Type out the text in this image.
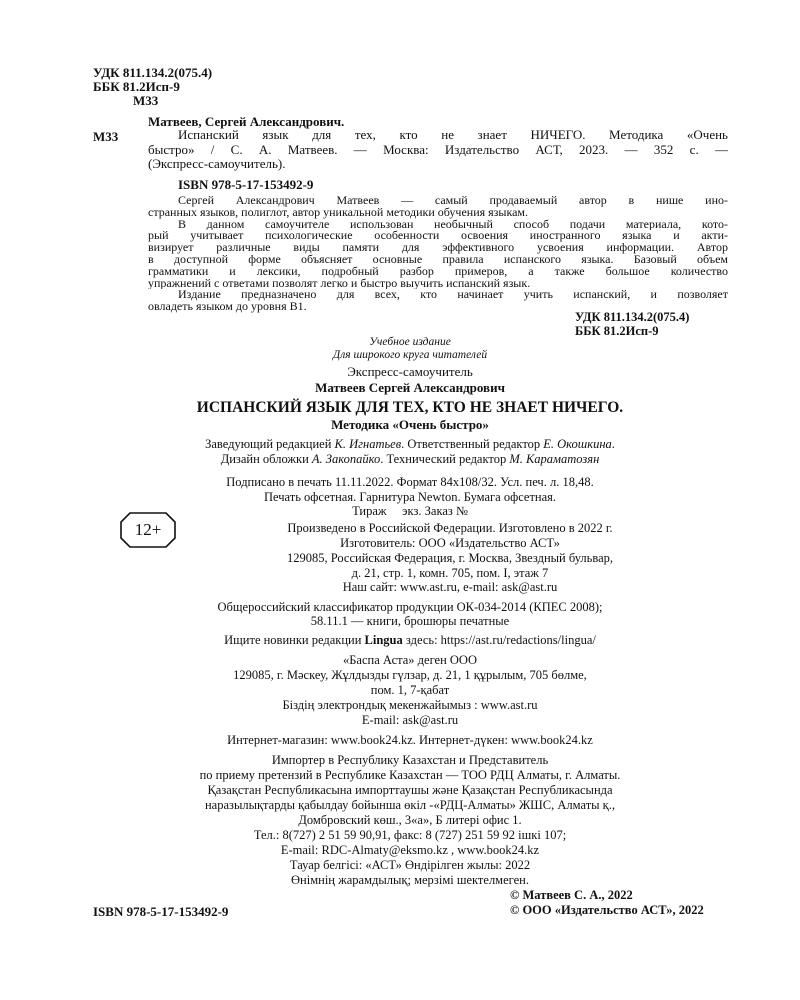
УДК 811.134.2(075.4)
ББК 81.2Исп-9
М33
М33
Матвеев, Сергей Александрович.
Испанский язык для тех, кто не знает НИЧЕГО. Методика «Очень
быстро» / С. А. Матвеев. — Москва: Издательство АСТ, 2023. — 352 с. —
(Экспресс-самоучитель).
ISBN 978-5-17-153492-9
Сергей Александрович Матвеев — самый продаваемый автор в нише ино-
странных языков, полиглот, автор уникальной методики обучения языкам.
В данном самоучителе использован необычный способ подачи материала, кото-
рый учитывает психологические особенности освоения иностранного языка и акти-
визирует различные виды памяти для эффективного усвоения информации. Автор
в доступной форме объясняет основные правила испанского языка. Базовый объем
грамматики и лексики, подробный разбор примеров, а также большое количество
упражнений с ответами позволят легко и быстро выучить испанский язык.
Издание предназначено для всех, кто начинает учить испанский, и позволяет
овладеть языком до уровня В1.
УДК 811.134.2(075.4)
ББК 81.2Исп-9
Учебное издание
Для широкого круга читателей
Экспресс-самоучитель
Матвеев Сергей Александрович
ИСПАНСКИЙ ЯЗЫК ДЛЯ ТЕХ, КТО НЕ ЗНАЕТ НИЧЕГО.
Методика «Очень быстро»
Заведующий редакцией К. Игнатьев. Ответственный редактор Е. Окошкина.
Дизайн обложки А. Закопайко. Технический редактор М. Караматозян
Подписано в печать 11.11.2022. Формат 84х108/32. Усл. печ. л. 18,48.
Печать офсетная. Гарнитура Newton. Бумага офсетная.
Тираж     экз. Заказ №
12+	Произведено в Российской Федерации. Изготовлено в 2022 г.
Изготовитель: ООО «Издательство АСТ»
129085, Российская Федерация, г. Москва, Звездный бульвар,
д. 21, стр. 1, комн. 705, пом. I, этаж 7
Наш сайт: www.ast.ru, e-mail: ask@ast.ru
Общероссийский классификатор продукции ОК-034-2014 (КПЕС 2008);
58.11.1 — книги, брошюры печатные
Ищите новинки редакции Lingua здесь: https://ast.ru/redactions/lingua/
«Баспа Аста» деген ООО
129085, г. Мәскеу, Жұлдызды гүлзар, д. 21, 1 құрылым, 705 бөлме,
пом. 1, 7-қабат
Біздің электрондық мекенжайымыз : www.ast.ru
E-mail: ask@ast.ru
Интернет-магазин: www.book24.kz. Интернет-дүкен: www.book24.kz
Импортер в Республику Казахстан и Представитель
по приему претензий в Республике Казахстан — ТОО РДЦ Алматы, г. Алматы.
Қазақстан Республикасына импорттаушы және Қазақстан Республикасында
наразылықтарды қабылдау бойынша өкіл -«РДЦ-Алматы» ЖШС, Алматы қ.,
Домбровский көш., 3«а», Б литері офис 1.
Тел.: 8(727) 2 51 59 90,91, факс: 8 (727) 251 59 92 ішкі 107;
E-mail: RDC-Almaty@eksmo.kz , www.book24.kz
Тауар белгісі: «АСТ» Өндірілген жылы: 2022
Өнімнің жарамдылық; мерзімі шектелмеген.
© Матвеев С. А., 2022
© ООО «Издательство АСТ», 2022
ISBN 978-5-17-153492-9
